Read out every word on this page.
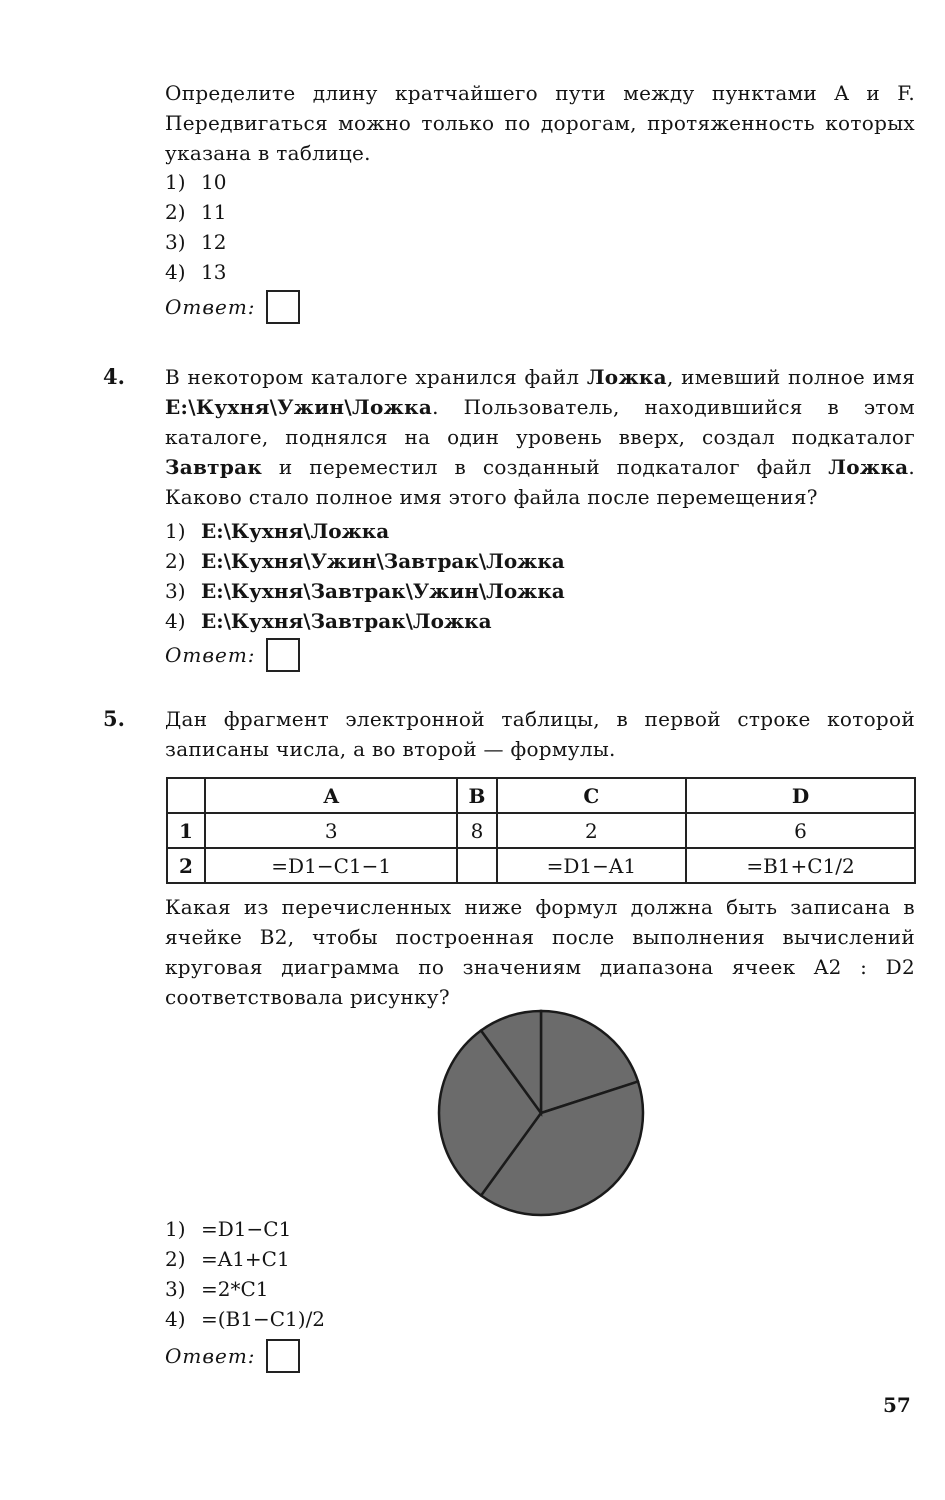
Определите длину кратчайшего пути между пунктами A и F. Передвигаться можно только по дорогам, протяженность которых указана в таблице.
1) 10
2) 11
3) 12
4) 13
Ответ:
4. В некотором каталоге хранился файл Ложка, имевший полное имя E:\Кухня\Ужин\Ложка. Пользователь, находившийся в этом каталоге, поднялся на один уровень вверх, создал подкаталог Завтрак и переместил в созданный подкаталог файл Ложка. Каково стало полное имя этого файла после перемещения?
1) E:\Кухня\Ложка
2) E:\Кухня\Ужин\Завтрак\Ложка
3) E:\Кухня\Завтрак\Ужин\Ложка
4) E:\Кухня\Завтрак\Ложка
Ответ:
5. Дан фрагмент электронной таблицы, в первой строке которой записаны числа, а во второй — формулы.
	A	B	C	D
1	3	8	2	6
2	=D1−C1−1		=D1−A1	=B1+C1/2
Какая из перечисленных ниже формул должна быть записана в ячейке B2, чтобы построенная после выполнения вычислений круговая диаграмма по значениям диапазона ячеек A2 : D2 соответствовала рисунку?
1) =D1−C1
2) =A1+C1
3) =2*C1
4) =(B1−C1)/2
Ответ:
57
